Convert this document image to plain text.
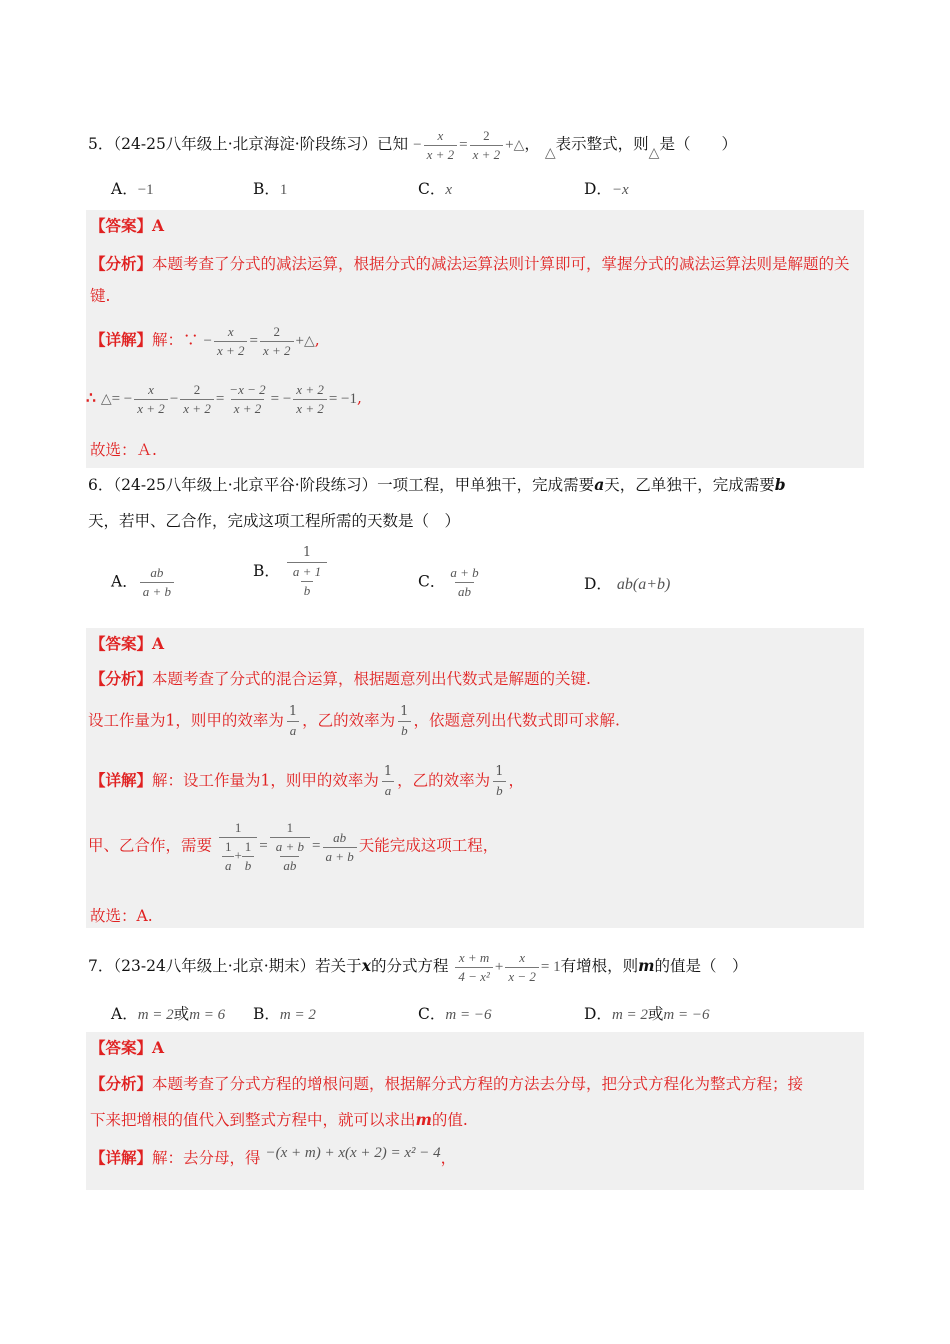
5．（24-25八年级上·北京海淀·阶段练习）已知 − $\frac{x}{x + 2} = \frac{2}{x + 2}$ +△， △表示整式，则△是（　　）
A．−1	B．1	C．x	D．−x
【答案】A
【分析】本题考查了分式的减法运算，根据分式的减法运算法则计算即可，掌握分式的减法运算法则是解题的关键.
【详解】解：∵ − $\frac{x}{x + 2} = \frac{2}{x + 2}$ +△,
∴ △= − $\frac{x}{x + 2} - \frac{2}{x + 2} = \frac{-x - 2}{x + 2}$ = − $\frac{x + 2}{x + 2} = -1$,
故选：Ａ.
6．（24-25八年级上·北京平谷·阶段练习）一项工程，甲单独干，完成需要a天，乙单独干，完成需要b
天，若甲、乙合作，完成这项工程所需的天数是（　）
A． $\frac{ab}{a + b}$	B． $\frac{1}{\frac{a + 1}{b}}$	C． $\frac{a + b}{ab}$	D． ab(a+b)
【答案】A
【分析】本题考查了分式的混合运算，根据题意列出代数式是解题的关键.
设工作量为1，则甲的效率为 $\frac{1}{a}$ ，乙的效率为 $\frac{1}{b}$ ，依题意列出代数式即可求解.
【详解】解：设工作量为1，则甲的效率为 $\frac{1}{a}$ ，乙的效率为 $\frac{1}{b}$ ，
甲、乙合作，需要 $\frac{1}{\frac{1}{a} + \frac{1}{b}} = \frac{1}{\frac{a + b}{ab}} = \frac{ab}{a + b}$ 天能完成这项工程，
故选：A.
7．（23-24八年级上·北京·期末）若关于x的分式方程 $\frac{x + m}{\text{4 − x²}} + \frac{x}{x - 2} = 1$有增根，则m的值是（　）
A．m = 2或m = 6 B．m = 2	C．m = −6	D．m = 2或m = −6
【答案】A
【分析】本题考查了分式方程的增根问题，根据解分式方程的方法去分母，把分式方程化为整式方程；接
下来把增根的值代入到整式方程中，就可以求出m的值.
【详解】解：去分母，得 −(x + m) + x(x + 2) = x² − 4，
